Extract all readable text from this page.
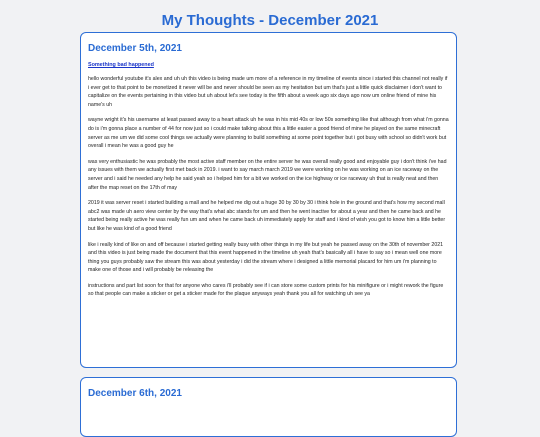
My Thoughts - December 2021
December 5th, 2021
Something bad happened

hello wonderful youtube it's alex and uh uh this video is being made um more of a reference in my timeline of events since i started this channel not really if i ever get to that point to be monetized it never will be and never should be seen as my hesitation but um that's just a little quick disclaimer i don't want to capitalize on the events pertaining in this video but uh about let's see today is the fifth about a week ago six days ago now um online friend of mine his name's uh

wayne wright it's his username at least passed away to a heart attack uh he was in his mid 40s or low 50s something like that although from what i'm gonna do is i'm gonna place a number of 44 for now just so i could make talking about this a little easier a good friend of mine he played on the same minecraft server as me um we did some cool things we actually were planning to build something at some point together but i got busy with school so didn't work but overall i mean he was a good guy he

was very enthusiastic he was probably the most active staff member on the entire server he was overall really good and enjoyable guy i don't think i've had any issues with them we actually first met back in 2019. i want to say march march 2019 we were working on he was working on an ice raceway on the server and i said he needed any help he said yeah so i helped him for a bit we worked on the ice highway or ice raceway uh that is really neat and then after the map reset on the 17th of may

2019 it was server reset i started building a mall and he helped me dig out a huge 30 by 30 by 30 i think hole in the ground and that's how my second mall abc2 was made uh aero view center by the way that's what abc stands for um and then he went inactive for about a year and then he came back and he started being really active he was really fun um and when he came back uh immediately apply for staff and i kind of wish you got to know him a little better but like he was kind of a good friend

like i really kind of like on and off because i started getting really busy with other things in my life but yeah he passed away on the 30th of november 2021 and this video is just being made the document that this event happened in the timeline uh yeah that's basically all i have to say so i mean well one more thing you guys probably saw the stream this was about yesterday i did the stream where i designed a little memorial placard for him um i'm planning to make one of those and i will probably be releasing the

instructions and part list soon for that for anyone who cares i'll probably see if i can store some custom prints for his minifigure or i might rework the figure so that people can make a sticker or get a sticker made for the plaque anyways yeah thank you all for watching uh see ya

December 6th, 2021
